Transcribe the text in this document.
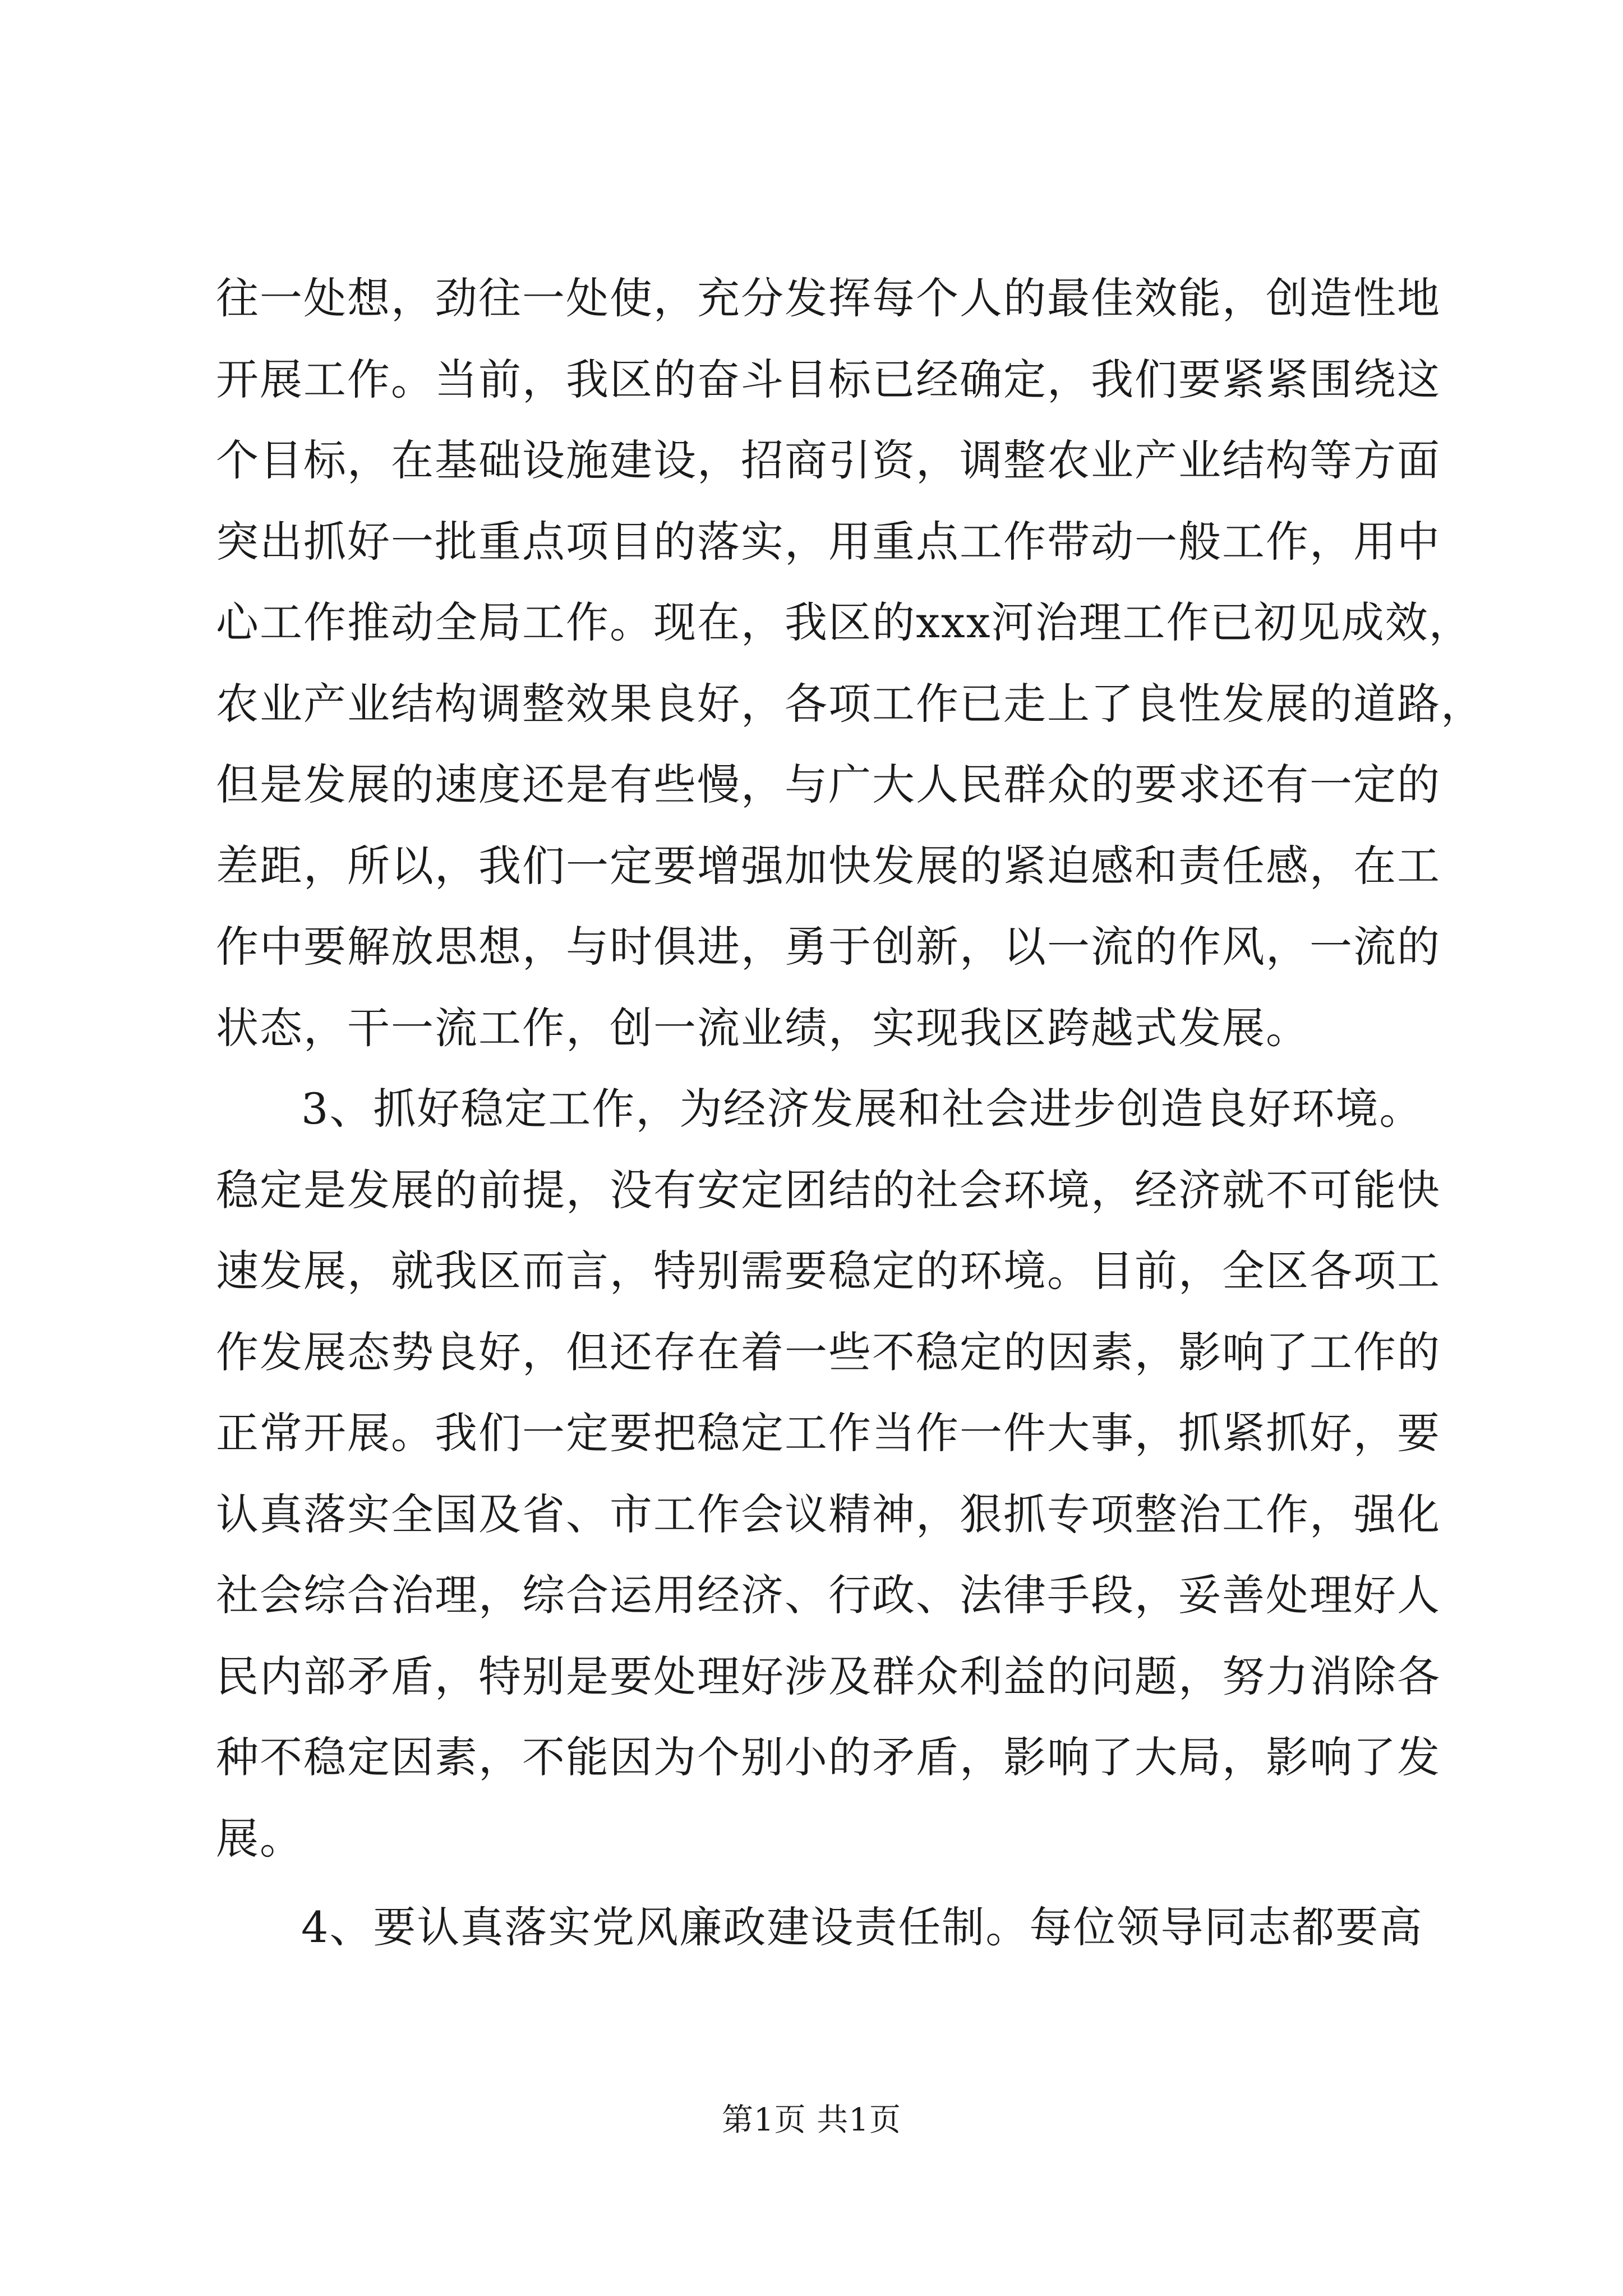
往一处想，劲往一处使，充分发挥每个人的最佳效能，创造性地
开展工作。当前，我区的奋斗目标已经确定，我们要紧紧围绕这
个目标，在基础设施建设，招商引资，调整农业产业结构等方面
突出抓好一批重点项目的落实，用重点工作带动一般工作，用中
心工作推动全局工作。现在，我区的xxx河治理工作已初见成效，
农业产业结构调整效果良好，各项工作已走上了良性发展的道路，
但是发展的速度还是有些慢，与广大人民群众的要求还有一定的
差距，所以，我们一定要增强加快发展的紧迫感和责任感，在工
作中要解放思想，与时俱进，勇于创新，以一流的作风，一流的
状态，干一流工作，创一流业绩，实现我区跨越式发展。
3、抓好稳定工作，为经济发展和社会进步创造良好环境。
稳定是发展的前提，没有安定团结的社会环境，经济就不可能快
速发展，就我区而言，特别需要稳定的环境。目前，全区各项工
作发展态势良好，但还存在着一些不稳定的因素，影响了工作的
正常开展。我们一定要把稳定工作当作一件大事，抓紧抓好，要
认真落实全国及省、市工作会议精神，狠抓专项整治工作，强化
社会综合治理，综合运用经济、行政、法律手段，妥善处理好人
民内部矛盾，特别是要处理好涉及群众利益的问题，努力消除各
种不稳定因素，不能因为个别小的矛盾，影响了大局，影响了发
展。
4、要认真落实党风廉政建设责任制。每位领导同志都要高
第1页 共1页
